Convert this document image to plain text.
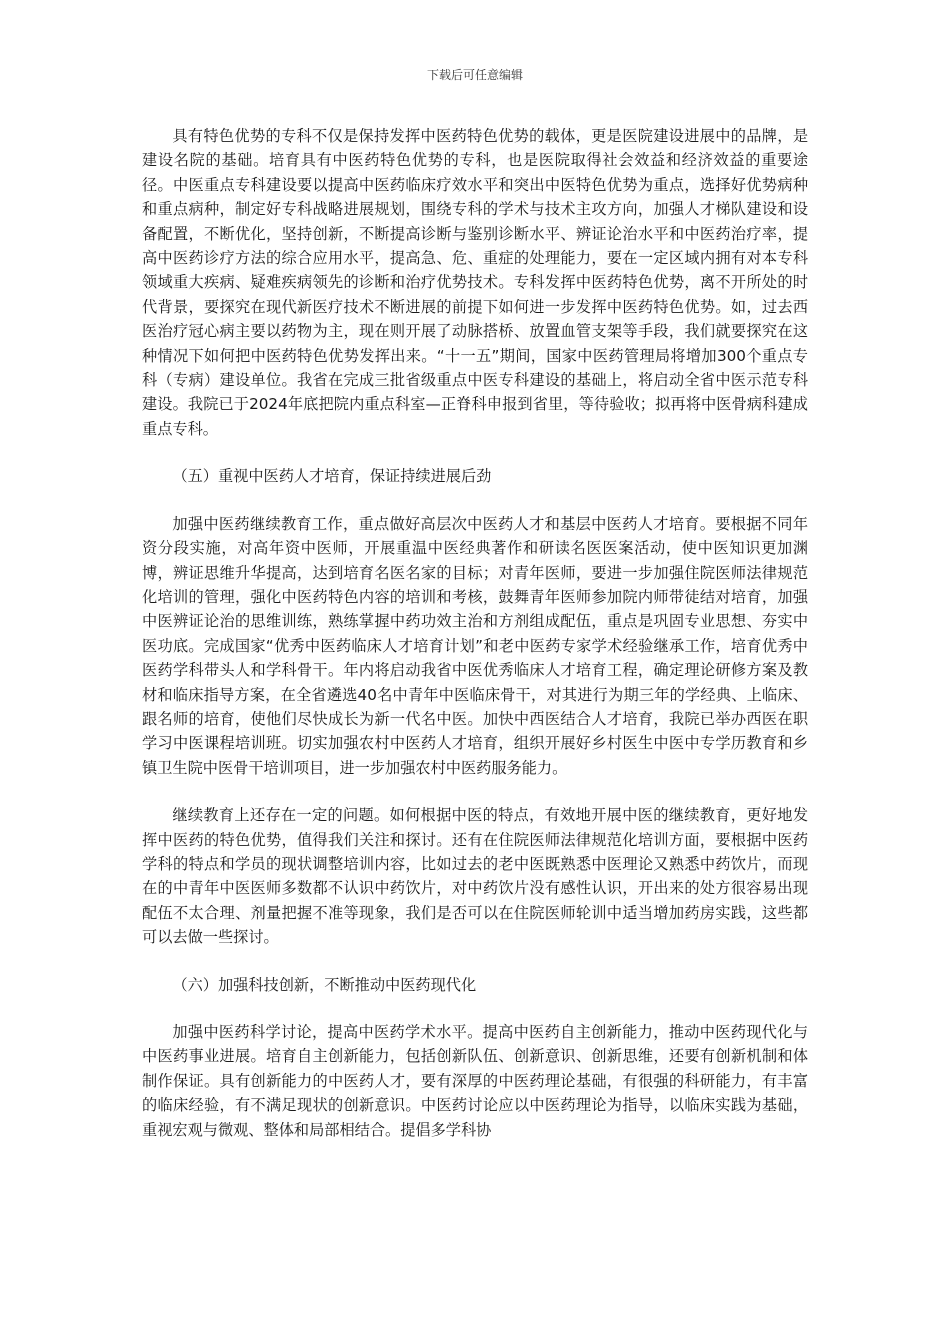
下载后可任意编辑

具有特色优势的专科不仅是保持发挥中医药特色优势的载体，更是医院建设进展中的品牌，是建设名院的基础。培育具有中医药特色优势的专科，也是医院取得社会效益和经济效益的重要途径。中医重点专科建设要以提高中医药临床疗效水平和突出中医特色优势为重点，选择好优势病种和重点病种，制定好专科战略进展规划，围绕专科的学术与技术主攻方向，加强人才梯队建设和设备配置，不断优化，坚持创新，不断提高诊断与鉴别诊断水平、辨证论治水平和中医药治疗率，提高中医药诊疗方法的综合应用水平，提高急、危、重症的处理能力，要在一定区域内拥有对本专科领域重大疾病、疑难疾病领先的诊断和治疗优势技术。专科发挥中医药特色优势，离不开所处的时代背景，要探究在现代新医疗技术不断进展的前提下如何进一步发挥中医药特色优势。如，过去西医治疗冠心病主要以药物为主，现在则开展了动脉搭桥、放置血管支架等手段，我们就要探究在这种情况下如何把中医药特色优势发挥出来。“十一五”期间，国家中医药管理局将增加300个重点专科（专病）建设单位。我省在完成三批省级重点中医专科建设的基础上，将启动全省中医示范专科建设。我院已于2024年底把院内重点科室—正脊科申报到省里，等待验收；拟再将中医骨病科建成重点专科。

（五）重视中医药人才培育，保证持续进展后劲

加强中医药继续教育工作，重点做好高层次中医药人才和基层中医药人才培育。要根据不同年资分段实施，对高年资中医师，开展重温中医经典著作和研读名医医案活动，使中医知识更加渊博，辨证思维升华提高，达到培育名医名家的目标；对青年医师，要进一步加强住院医师法律规范化培训的管理，强化中医药特色内容的培训和考核，鼓舞青年医师参加院内师带徒结对培育，加强中医辨证论治的思维训练，熟练掌握中药功效主治和方剂组成配伍，重点是巩固专业思想、夯实中医功底。完成国家“优秀中医药临床人才培育计划”和老中医药专家学术经验继承工作，培育优秀中医药学科带头人和学科骨干。年内将启动我省中医优秀临床人才培育工程，确定理论研修方案及教材和临床指导方案，在全省遴选40名中青年中医临床骨干，对其进行为期三年的学经典、上临床、跟名师的培育，使他们尽快成长为新一代名中医。加快中西医结合人才培育，我院已举办西医在职学习中医课程培训班。切实加强农村中医药人才培育，组织开展好乡村医生中医中专学历教育和乡镇卫生院中医骨干培训项目，进一步加强农村中医药服务能力。

继续教育上还存在一定的问题。如何根据中医的特点，有效地开展中医的继续教育，更好地发挥中医药的特色优势，值得我们关注和探讨。还有在住院医师法律规范化培训方面，要根据中医药学科的特点和学员的现状调整培训内容，比如过去的老中医既熟悉中医理论又熟悉中药饮片，而现在的中青年中医医师多数都不认识中药饮片，对中药饮片没有感性认识，开出来的处方很容易出现配伍不太合理、剂量把握不准等现象，我们是否可以在住院医师轮训中适当增加药房实践，这些都可以去做一些探讨。

（六）加强科技创新，不断推动中医药现代化

加强中医药科学讨论，提高中医药学术水平。提高中医药自主创新能力，推动中医药现代化与中医药事业进展。培育自主创新能力，包括创新队伍、创新意识、创新思维，还要有创新机制和体制作保证。具有创新能力的中医药人才，要有深厚的中医药理论基础，有很强的科研能力，有丰富的临床经验，有不满足现状的创新意识。中医药讨论应以中医药理论为指导，以临床实践为基础，重视宏观与微观、整体和局部相结合。提倡多学科协
